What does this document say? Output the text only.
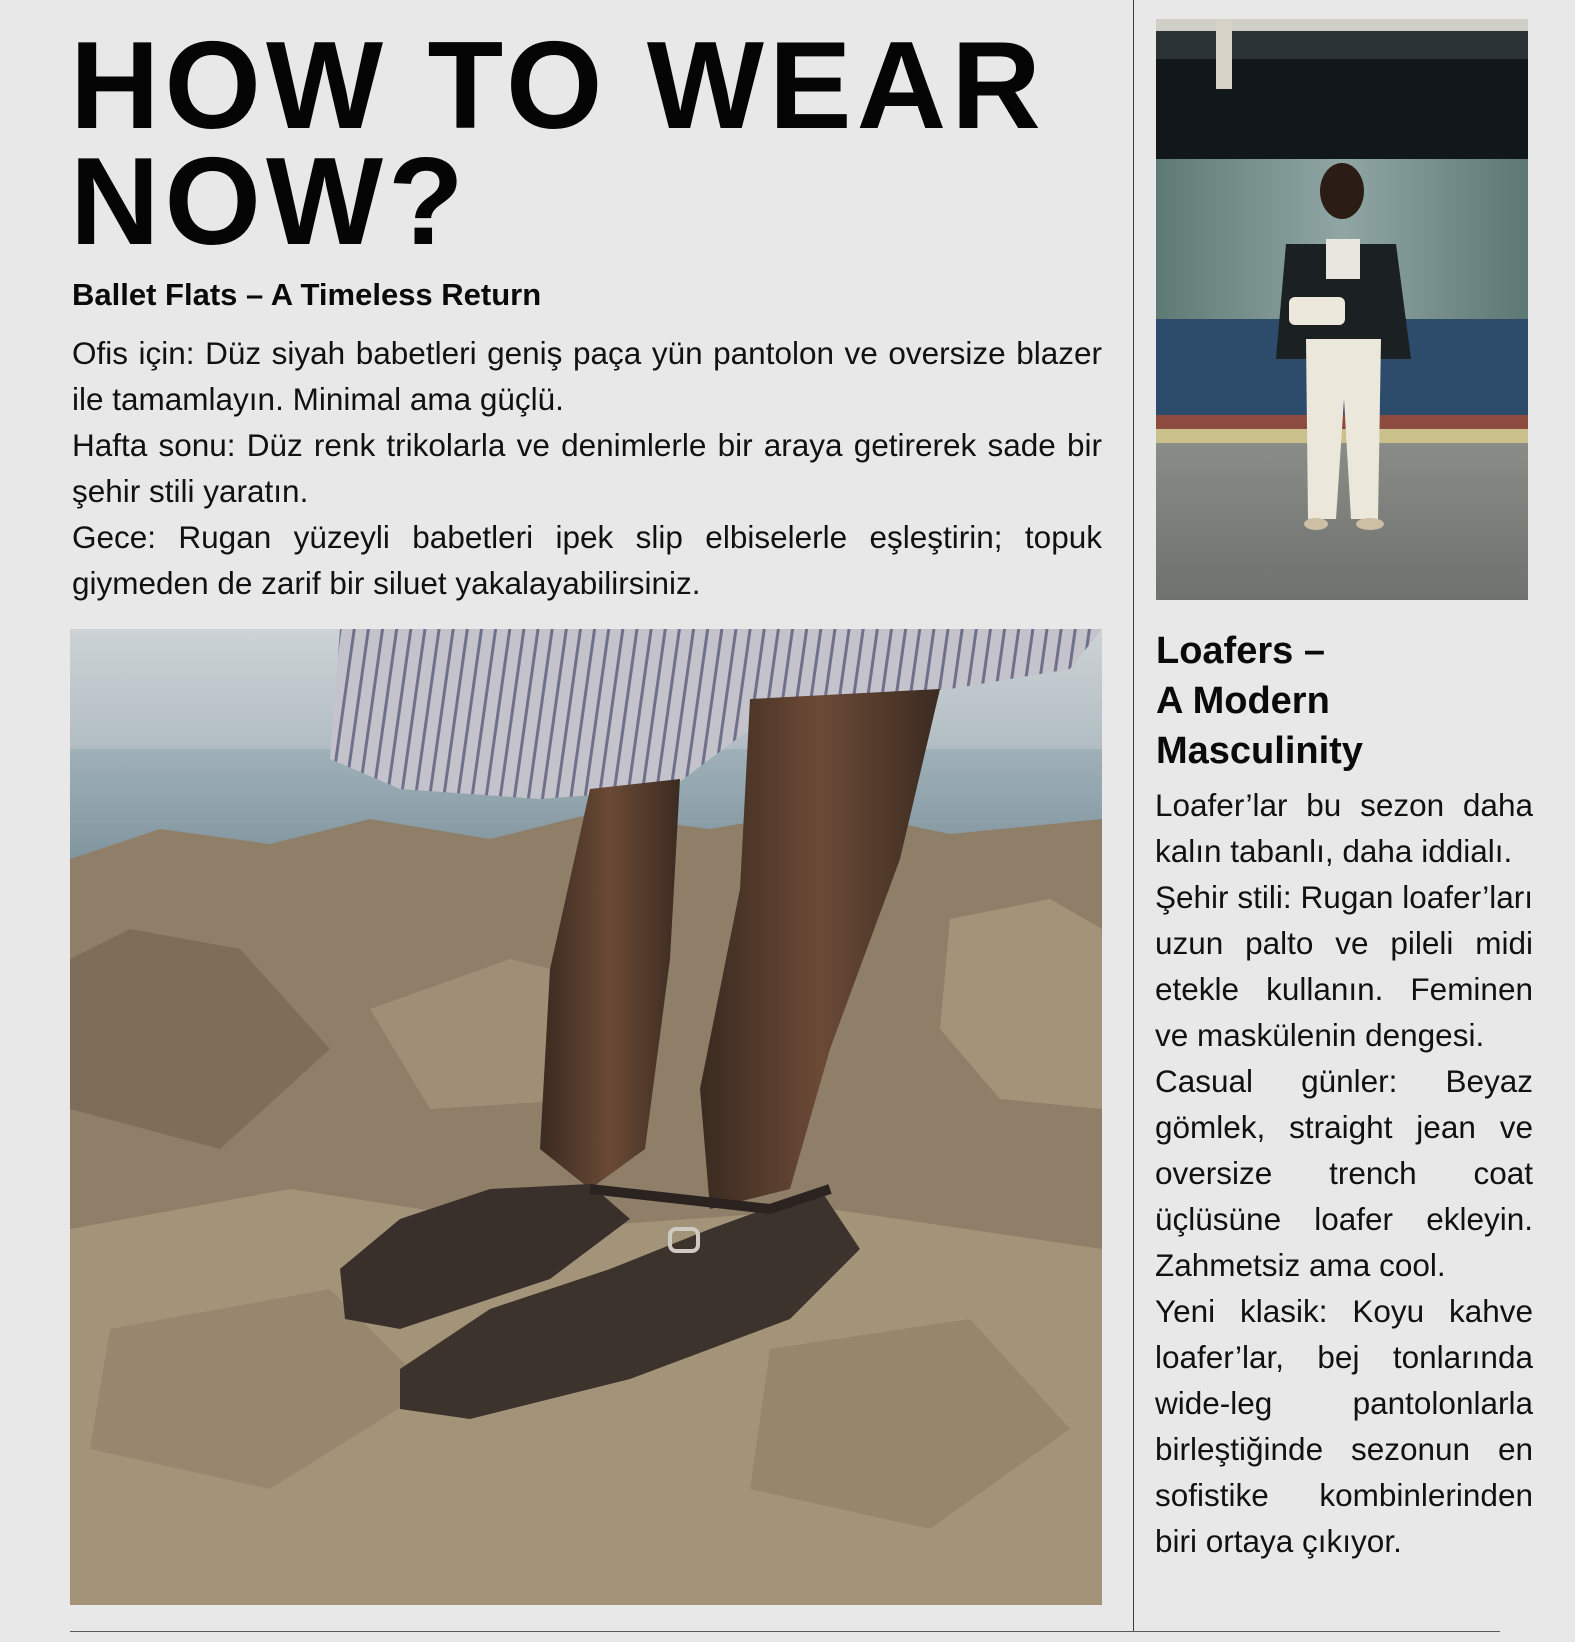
HOW TO WEAR
NOW?
Ballet Flats – A Timeless Return

Ofis için: Düz siyah babetleri geniş paça yün pantolon ve oversize blazer ile tamamlayın. Minimal ama güçlü.

Hafta sonu: Düz renk trikolarla ve denimlerle bir araya getirerek sade bir şehir stili yaratın.

Gece: Rugan yüzeyli babetleri ipek slip elbiselerle eşleştirin; topuk giymeden de zarif bir siluet yakalayabilirsiniz.

Loafers –
A Modern
Masculinity

Loafer’lar bu sezon daha kalın tabanlı, daha iddialı.

Şehir stili: Rugan loafer’ları uzun palto ve pileli midi etekle kullanın. Feminen ve maskülenin dengesi.

Casual günler: Beyaz gömlek, straight jean ve oversize trench coat üçlüsüne loafer ekleyin. Zahmetsiz ama cool.

Yeni klasik: Koyu kahve loafer’lar, bej tonlarında wide-leg pantolonlarla birleştiğinde sezonun en sofistike kombinlerinden biri ortaya çıkıyor.
